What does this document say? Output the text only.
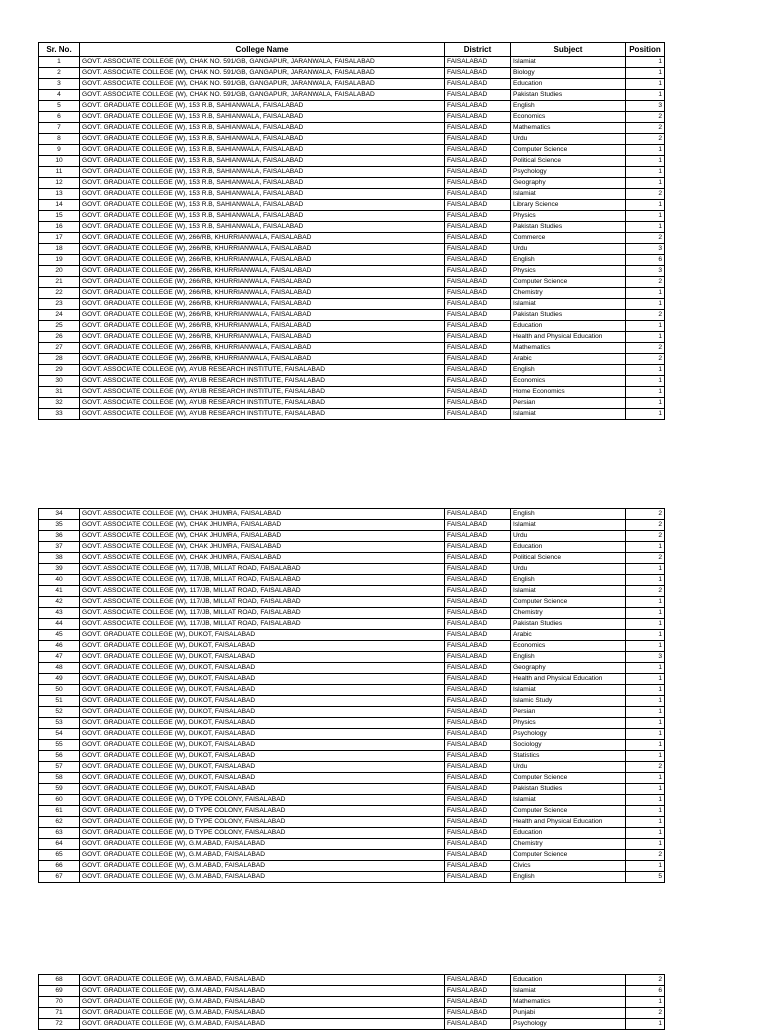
Sr. No.	College Name	District	Subject	Position
1	GOVT. ASSOCIATE COLLEGE (W), CHAK NO. 591/GB, GANGAPUR, JARANWALA, FAISALABAD	FAISALABAD	Islamiat	1
2	GOVT. ASSOCIATE COLLEGE (W), CHAK NO. 591/GB, GANGAPUR, JARANWALA, FAISALABAD	FAISALABAD	Biology	1
3	GOVT. ASSOCIATE COLLEGE (W), CHAK NO. 591/GB, GANGAPUR, JARANWALA, FAISALABAD	FAISALABAD	Education	1
4	GOVT. ASSOCIATE COLLEGE (W), CHAK NO. 591/GB, GANGAPUR, JARANWALA, FAISALABAD	FAISALABAD	Pakistan Studies	1
5	GOVT. GRADUATE COLLEGE (W), 153 R.B, SAHIANWALA, FAISALABAD	FAISALABAD	English	3
6	GOVT. GRADUATE COLLEGE (W), 153 R.B, SAHIANWALA, FAISALABAD	FAISALABAD	Economics	2
7	GOVT. GRADUATE COLLEGE (W), 153 R.B, SAHIANWALA, FAISALABAD	FAISALABAD	Mathematics	2
8	GOVT. GRADUATE COLLEGE (W), 153 R.B, SAHIANWALA, FAISALABAD	FAISALABAD	Urdu	2
9	GOVT. GRADUATE COLLEGE (W), 153 R.B, SAHIANWALA, FAISALABAD	FAISALABAD	Computer Science	1
10	GOVT. GRADUATE COLLEGE (W), 153 R.B, SAHIANWALA, FAISALABAD	FAISALABAD	Political Science	1
11	GOVT. GRADUATE COLLEGE (W), 153 R.B, SAHIANWALA, FAISALABAD	FAISALABAD	Psychology	1
12	GOVT. GRADUATE COLLEGE (W), 153 R.B, SAHIANWALA, FAISALABAD	FAISALABAD	Geography	1
13	GOVT. GRADUATE COLLEGE (W), 153 R.B, SAHIANWALA, FAISALABAD	FAISALABAD	Islamiat	2
14	GOVT. GRADUATE COLLEGE (W), 153 R.B, SAHIANWALA, FAISALABAD	FAISALABAD	Library Science	1
15	GOVT. GRADUATE COLLEGE (W), 153 R.B, SAHIANWALA, FAISALABAD	FAISALABAD	Physics	1
16	GOVT. GRADUATE COLLEGE (W), 153 R.B, SAHIANWALA, FAISALABAD	FAISALABAD	Pakistan Studies	1
17	GOVT. GRADUATE COLLEGE (W), 266/RB, KHURRIANWALA, FAISALABAD	FAISALABAD	Commerce	2
18	GOVT. GRADUATE COLLEGE (W), 266/RB, KHURRIANWALA, FAISALABAD	FAISALABAD	Urdu	3
19	GOVT. GRADUATE COLLEGE (W), 266/RB, KHURRIANWALA, FAISALABAD	FAISALABAD	English	6
20	GOVT. GRADUATE COLLEGE (W), 266/RB, KHURRIANWALA, FAISALABAD	FAISALABAD	Physics	3
21	GOVT. GRADUATE COLLEGE (W), 266/RB, KHURRIANWALA, FAISALABAD	FAISALABAD	Computer Science	2
22	GOVT. GRADUATE COLLEGE (W), 266/RB, KHURRIANWALA, FAISALABAD	FAISALABAD	Chemistry	1
23	GOVT. GRADUATE COLLEGE (W), 266/RB, KHURRIANWALA, FAISALABAD	FAISALABAD	Islamiat	1
24	GOVT. GRADUATE COLLEGE (W), 266/RB, KHURRIANWALA, FAISALABAD	FAISALABAD	Pakistan Studies	2
25	GOVT. GRADUATE COLLEGE (W), 266/RB, KHURRIANWALA, FAISALABAD	FAISALABAD	Education	1
26	GOVT. GRADUATE COLLEGE (W), 266/RB, KHURRIANWALA, FAISALABAD	FAISALABAD	Health and Physical Education	1
27	GOVT. GRADUATE COLLEGE (W), 266/RB, KHURRIANWALA, FAISALABAD	FAISALABAD	Mathematics	2
28	GOVT. GRADUATE COLLEGE (W), 266/RB, KHURRIANWALA, FAISALABAD	FAISALABAD	Arabic	2
29	GOVT. ASSOCIATE COLLEGE (W), AYUB RESEARCH INSTITUTE, FAISALABAD	FAISALABAD	English	1
30	GOVT. ASSOCIATE COLLEGE (W), AYUB RESEARCH INSTITUTE, FAISALABAD	FAISALABAD	Economics	1
31	GOVT. ASSOCIATE COLLEGE (W), AYUB RESEARCH INSTITUTE, FAISALABAD	FAISALABAD	Home Economics	1
32	GOVT. ASSOCIATE COLLEGE (W), AYUB RESEARCH INSTITUTE, FAISALABAD	FAISALABAD	Persian	1
33	GOVT. ASSOCIATE COLLEGE (W), AYUB RESEARCH INSTITUTE, FAISALABAD	FAISALABAD	Islamiat	1
34	GOVT. ASSOCIATE COLLEGE (W), CHAK JHUMRA, FAISALABAD	FAISALABAD	English	2
35	GOVT. ASSOCIATE COLLEGE (W), CHAK JHUMRA, FAISALABAD	FAISALABAD	Islamiat	2
36	GOVT. ASSOCIATE COLLEGE (W), CHAK JHUMRA, FAISALABAD	FAISALABAD	Urdu	2
37	GOVT. ASSOCIATE COLLEGE (W), CHAK JHUMRA, FAISALABAD	FAISALABAD	Education	1
38	GOVT. ASSOCIATE COLLEGE (W), CHAK JHUMRA, FAISALABAD	FAISALABAD	Political Science	2
39	GOVT. ASSOCIATE COLLEGE (W), 117/JB, MILLAT ROAD, FAISALABAD	FAISALABAD	Urdu	1
40	GOVT. ASSOCIATE COLLEGE (W), 117/JB, MILLAT ROAD, FAISALABAD	FAISALABAD	English	1
41	GOVT. ASSOCIATE COLLEGE (W), 117/JB, MILLAT ROAD, FAISALABAD	FAISALABAD	Islamiat	2
42	GOVT. ASSOCIATE COLLEGE (W), 117/JB, MILLAT ROAD, FAISALABAD	FAISALABAD	Computer Science	1
43	GOVT. ASSOCIATE COLLEGE (W), 117/JB, MILLAT ROAD, FAISALABAD	FAISALABAD	Chemistry	1
44	GOVT. ASSOCIATE COLLEGE (W), 117/JB, MILLAT ROAD, FAISALABAD	FAISALABAD	Pakistan Studies	1
45	GOVT. GRADUATE COLLEGE (W), DUKOT, FAISALABAD	FAISALABAD	Arabic	1
46	GOVT. GRADUATE COLLEGE (W), DUKOT, FAISALABAD	FAISALABAD	Economics	1
47	GOVT. GRADUATE COLLEGE (W), DUKOT, FAISALABAD	FAISALABAD	English	3
48	GOVT. GRADUATE COLLEGE (W), DUKOT, FAISALABAD	FAISALABAD	Geography	1
49	GOVT. GRADUATE COLLEGE (W), DUKOT, FAISALABAD	FAISALABAD	Health and Physical Education	1
50	GOVT. GRADUATE COLLEGE (W), DUKOT, FAISALABAD	FAISALABAD	Islamiat	1
51	GOVT. GRADUATE COLLEGE (W), DUKOT, FAISALABAD	FAISALABAD	Islamic Study	1
52	GOVT. GRADUATE COLLEGE (W), DUKOT, FAISALABAD	FAISALABAD	Persian	1
53	GOVT. GRADUATE COLLEGE (W), DUKOT, FAISALABAD	FAISALABAD	Physics	1
54	GOVT. GRADUATE COLLEGE (W), DUKOT, FAISALABAD	FAISALABAD	Psychology	1
55	GOVT. GRADUATE COLLEGE (W), DUKOT, FAISALABAD	FAISALABAD	Sociology	1
56	GOVT. GRADUATE COLLEGE (W), DUKOT, FAISALABAD	FAISALABAD	Statistics	1
57	GOVT. GRADUATE COLLEGE (W), DUKOT, FAISALABAD	FAISALABAD	Urdu	2
58	GOVT. GRADUATE COLLEGE (W), DUKOT, FAISALABAD	FAISALABAD	Computer Science	1
59	GOVT. GRADUATE COLLEGE (W), DUKOT, FAISALABAD	FAISALABAD	Pakistan Studies	1
60	GOVT. GRADUATE COLLEGE (W), D TYPE COLONY, FAISALABAD	FAISALABAD	Islamiat	1
61	GOVT. GRADUATE COLLEGE (W), D TYPE COLONY, FAISALABAD	FAISALABAD	Computer Science	1
62	GOVT. GRADUATE COLLEGE (W), D TYPE COLONY, FAISALABAD	FAISALABAD	Health and Physical Education	1
63	GOVT. GRADUATE COLLEGE (W), D TYPE COLONY, FAISALABAD	FAISALABAD	Education	1
64	GOVT. GRADUATE COLLEGE (W), G.M.ABAD, FAISALABAD	FAISALABAD	Chemistry	1
65	GOVT. GRADUATE COLLEGE (W), G.M.ABAD, FAISALABAD	FAISALABAD	Computer Science	2
66	GOVT. GRADUATE COLLEGE (W), G.M.ABAD, FAISALABAD	FAISALABAD	Civics	1
67	GOVT. GRADUATE COLLEGE (W), G.M.ABAD, FAISALABAD	FAISALABAD	English	5
68	GOVT. GRADUATE COLLEGE (W), G.M.ABAD, FAISALABAD	FAISALABAD	Education	2
69	GOVT. GRADUATE COLLEGE (W), G.M.ABAD, FAISALABAD	FAISALABAD	Islamiat	6
70	GOVT. GRADUATE COLLEGE (W), G.M.ABAD, FAISALABAD	FAISALABAD	Mathematics	1
71	GOVT. GRADUATE COLLEGE (W), G.M.ABAD, FAISALABAD	FAISALABAD	Punjabi	2
72	GOVT. GRADUATE COLLEGE (W), G.M.ABAD, FAISALABAD	FAISALABAD	Psychology	1
